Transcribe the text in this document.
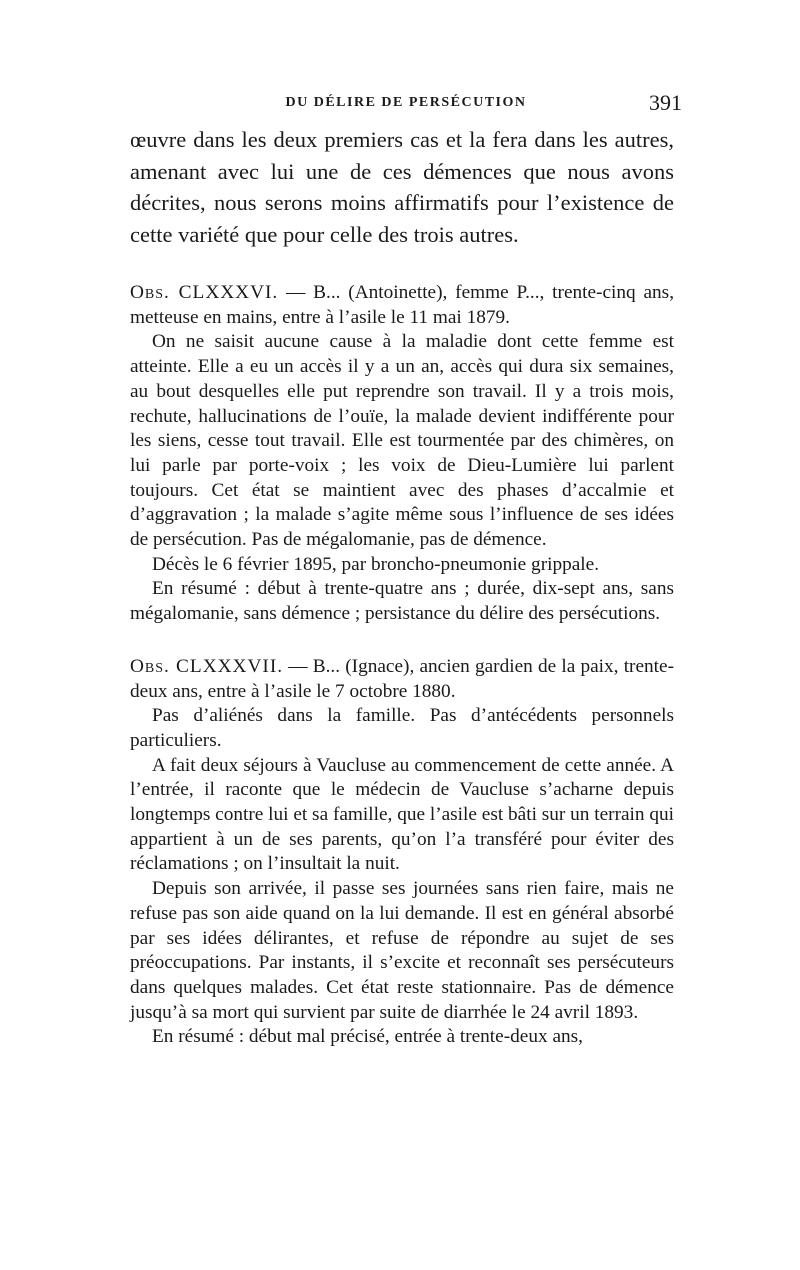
DU DÉLIRE DE PERSÉCUTION	391

œuvre dans les deux premiers cas et la fera dans les autres, amenant avec lui une de ces démences que nous avons décrites, nous serons moins affirmatifs pour l’existence de cette variété que pour celle des trois autres.

Obs. CLXXXVI. — B... (Antoinette), femme P..., trente-cinq ans, metteuse en mains, entre à l’asile le 11 mai 1879.

On ne saisit aucune cause à la maladie dont cette femme est atteinte. Elle a eu un accès il y a un an, accès qui dura six semaines, au bout desquelles elle put reprendre son travail. Il y a trois mois, rechute, hallucinations de l’ouïe, la malade devient indifférente pour les siens, cesse tout travail. Elle est tourmentée par des chimères, on lui parle par porte-voix ; les voix de Dieu-Lumière lui parlent toujours. Cet état se maintient avec des phases d’accalmie et d’aggravation ; la malade s’agite même sous l’influence de ses idées de persécution. Pas de mégalomanie, pas de démence.

Décès le 6 février 1895, par broncho-pneumonie grippale.

En résumé : début à trente-quatre ans ; durée, dix-sept ans, sans mégalomanie, sans démence ; persistance du délire des persécutions.

Obs. CLXXXVII. — B... (Ignace), ancien gardien de la paix, trente-deux ans, entre à l’asile le 7 octobre 1880.

Pas d’aliénés dans la famille. Pas d’antécédents personnels particuliers.

A fait deux séjours à Vaucluse au commencement de cette année. A l’entrée, il raconte que le médecin de Vaucluse s’acharne depuis longtemps contre lui et sa famille, que l’asile est bâti sur un terrain qui appartient à un de ses parents, qu’on l’a transféré pour éviter des réclamations ; on l’insultait la nuit.

Depuis son arrivée, il passe ses journées sans rien faire, mais ne refuse pas son aide quand on la lui demande. Il est en général absorbé par ses idées délirantes, et refuse de répondre au sujet de ses préoccupations. Par instants, il s’excite et reconnaît ses persécuteurs dans quelques malades. Cet état reste stationnaire. Pas de démence jusqu’à sa mort qui survient par suite de diarrhée le 24 avril 1893.

En résumé : début mal précisé, entrée à trente-deux ans,
